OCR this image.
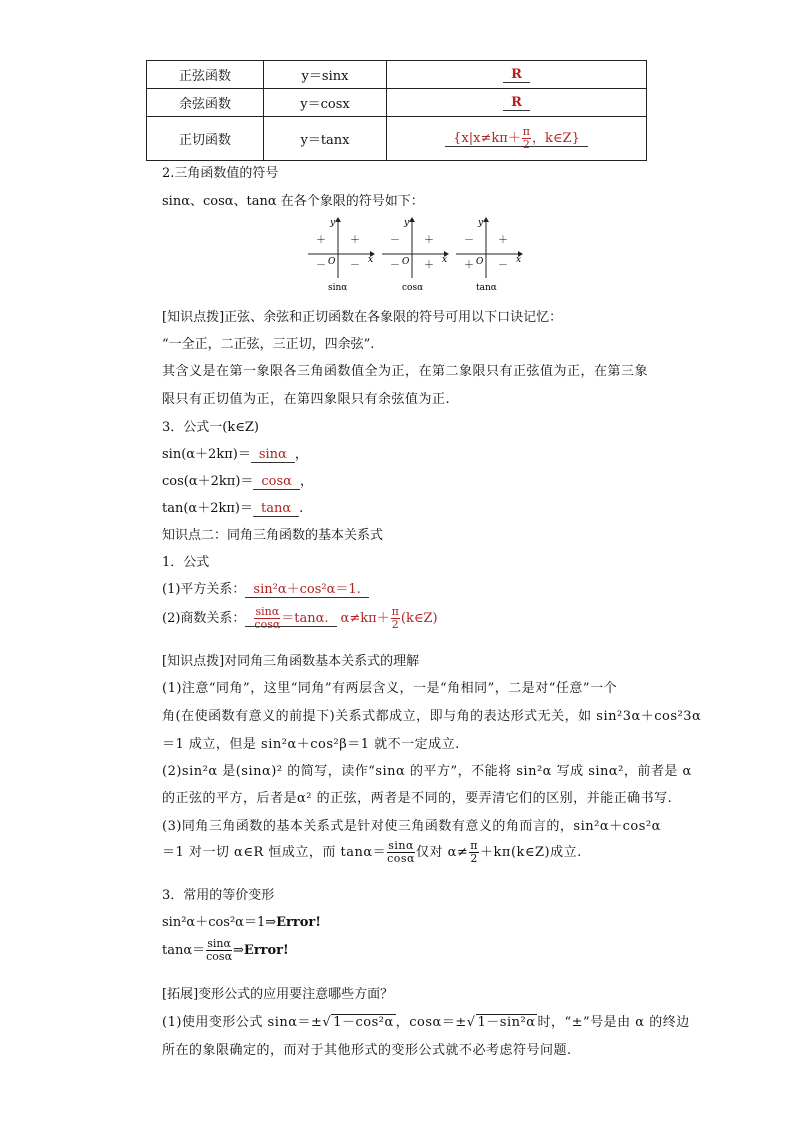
正弦函数	y＝sinx	R
余弦函数	y＝cosx	R
正切函数	y＝tanx	{$x|x\ne k\pi+ \frac{\pi}{2}$ ，k∈Z}
2.三角函数值的符号
sinα、cosα、tanα 在各个象限的符号如下：
y
x
O
＋
＋
－ －
sinα
y
x
O
＋
－
－ ＋
cosα
y
x
O
＋
－
＋ －
tanα
[知识点拨]正弦、余弦和正切函数在各象限的符号可用以下口诀记忆：
“一全正，二正弦，三正切，四余弦”.
其含义是在第一象限各三角函数值全为正，在第二象限只有正弦值为正，在第三象
限只有正切值为正，在第四象限只有余弦值为正.
3．公式一(k∈Z)
sin(α＋2kπ)＝ sinα ，
cos(α＋2kπ)＝ cosα ，
tan(α＋2kπ)＝ tanα .
知识点二：同角三角函数的基本关系式
1．公式
(1)平方关系： sin²α＋cos²α＝1.
(2)商数关系： $\frac{\sin\alpha}{\cos\alpha} =\tan\alpha$. $\alpha\ne k\pi+ \frac{\pi}{2}$ (k∈Z)
[知识点拨]对同角三角函数基本关系式的理解
(1)注意“同角”，这里“同角”有两层含义，一是“角相同”，二是对“任意”一个
角(在使函数有意义的前提下)关系式都成立，即与角的表达形式无关，如 sin²3α＋cos²3α
＝1 成立，但是 sin²α＋cos²β＝1 就不一定成立.
(2)sin²α 是(sinα)² 的简写，读作“sinα 的平方”，不能将 sin²α 写成 sinα²，前者是 α
的正弦的平方，后者是α² 的正弦，两者是不同的，要弄清它们的区别，并能正确书写.
(3)同角三角函数的基本关系式是针对使三角函数有意义的角而言的，sin²α＋cos²α
＝1 对一切 α∈R 恒成立，而 $\tan\alpha= \frac{\sin\alpha}{\cos\alpha}$ 仅对 $\alpha\ne \frac{\pi}{2}$ ＋kπ(k∈Z)成立.
3．常用的等价变形
sin²α＋cos²α＝1⇒Error!
$\tan\alpha= \frac{\sin\alpha}{\cos\alpha}$ ⇒Error!
[拓展]变形公式的应用要注意哪些方面？
(1)使用变形公式 sinα＝±√ 1－cos²α ，cosα＝±√ 1－sin²α 时，“±”号是由 α 的终边
所在的象限确定的，而对于其他形式的变形公式就不必考虑符号问题.
